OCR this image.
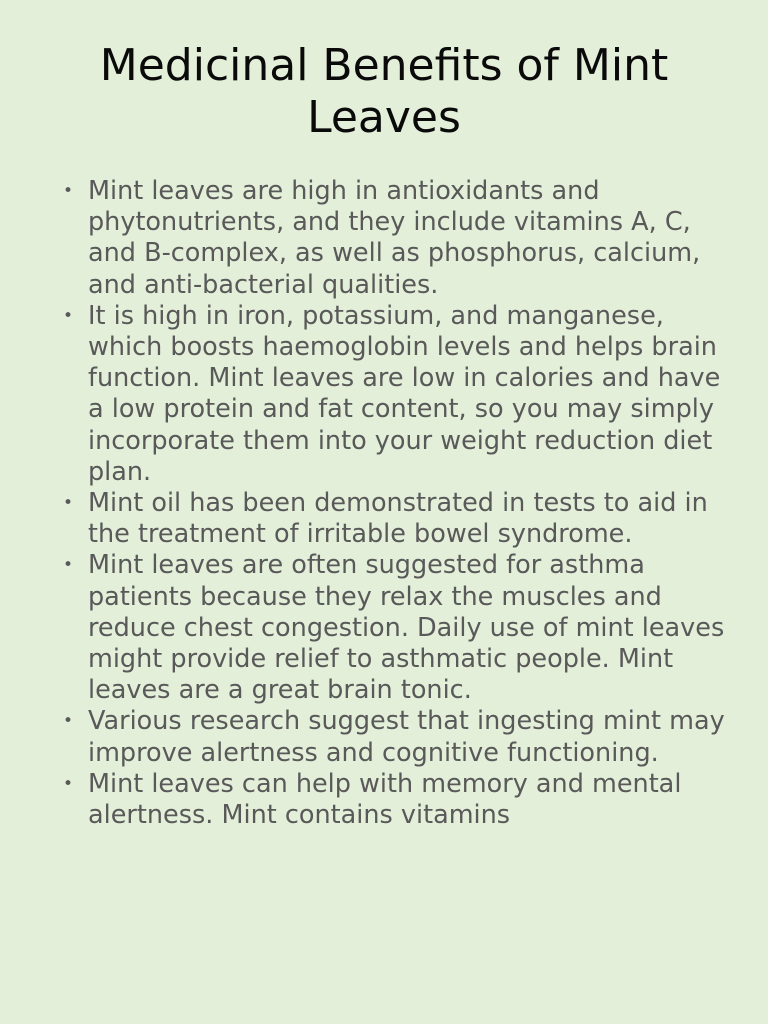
Medicinal Benefits of Mint Leaves
• Mint leaves are high in antioxidants and phytonutrients, and they include vitamins A, C, and B-complex, as well as phosphorus, calcium, and anti-bacterial qualities.
• It is high in iron, potassium, and manganese, which boosts haemoglobin levels and helps brain function. Mint leaves are low in calories and have a low protein and fat content, so you may simply incorporate them into your weight reduction diet plan.
• Mint oil has been demonstrated in tests to aid in the treatment of irritable bowel syndrome.
• Mint leaves are often suggested for asthma patients because they relax the muscles and reduce chest congestion. Daily use of mint leaves might provide relief to asthmatic people. Mint leaves are a great brain tonic.
• Various research suggest that ingesting mint may improve alertness and cognitive functioning.
• Mint leaves can help with memory and mental alertness. Mint contains vitamins
